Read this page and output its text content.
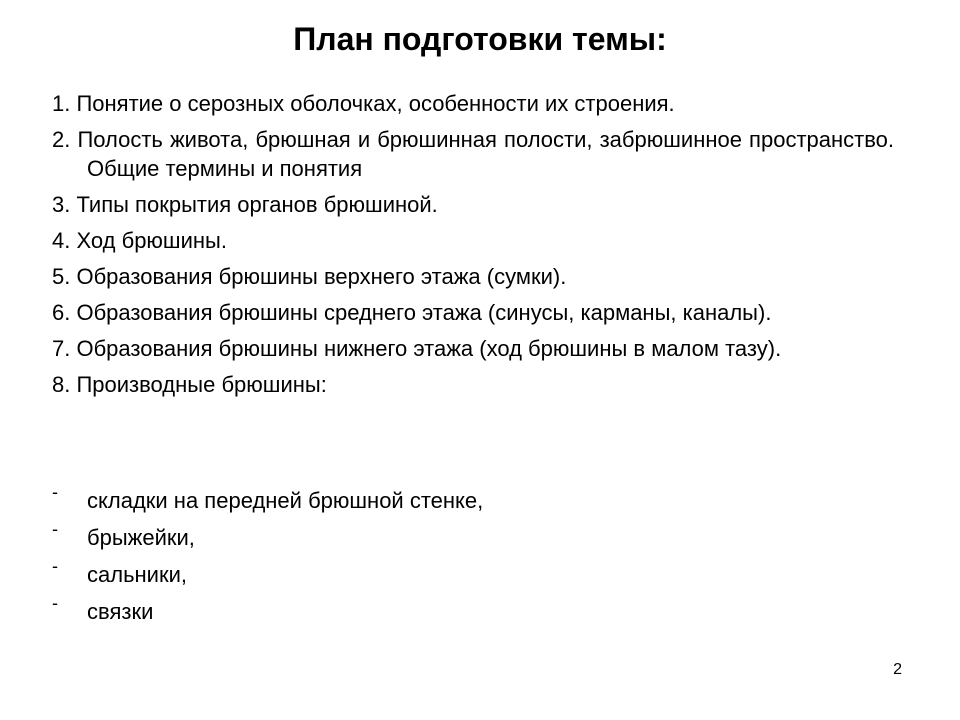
План подготовки темы:
1. Понятие о серозных оболочках, особенности их строения.
2. Полость живота, брюшная и брюшинная полости, забрюшинное пространство. Общие термины и понятия
3. Типы покрытия органов брюшиной.
4. Ход брюшины.
5. Образования брюшины верхнего этажа (сумки).
6. Образования брюшины среднего этажа (синусы, карманы, каналы).
7. Образования брюшины нижнего этажа (ход брюшины в малом тазу).
8. Производные брюшины:
- складки на передней брюшной стенке,
- брыжейки,
- сальники,
- связки
2
